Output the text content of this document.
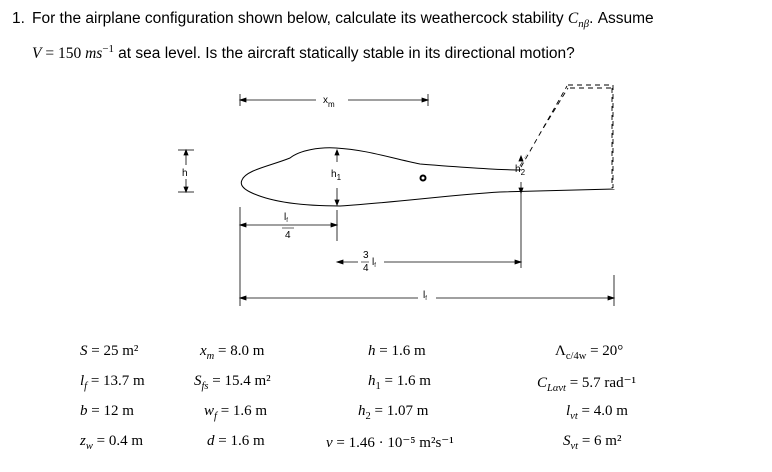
1. For the airplane configuration shown below, calculate its weathercock stability $C_{n\beta}$. Assume
V = 150 $ms^{-1}$ at sea level. Is the aircraft statically stable in its directional motion?
$x_m$
h	$h_1$
$h_2$
$l_f$
4
3
4
$l_f$
$l_f$
S = 25 m²
$l_f = 13.7$ m
b = 12 m
$z_w = 0.4$ m
$x_m = 8.0$ m
$S_{fs} = 15.4$ m²
$w_f = 1.6$ m
d = 1.6 m
h = 1.6 m
$h_1 = 1.6$ m
$h_2 = 1.07$ m
v = 1.46 · 10⁻⁵ m²s⁻¹
$\Lambda_{c/4w} = 20^\circ$
$C_{L\alpha vt} = 5.7$ rad⁻¹
$l_{vt} = 4.0$ m
$S_{vt} = 6$ m²
